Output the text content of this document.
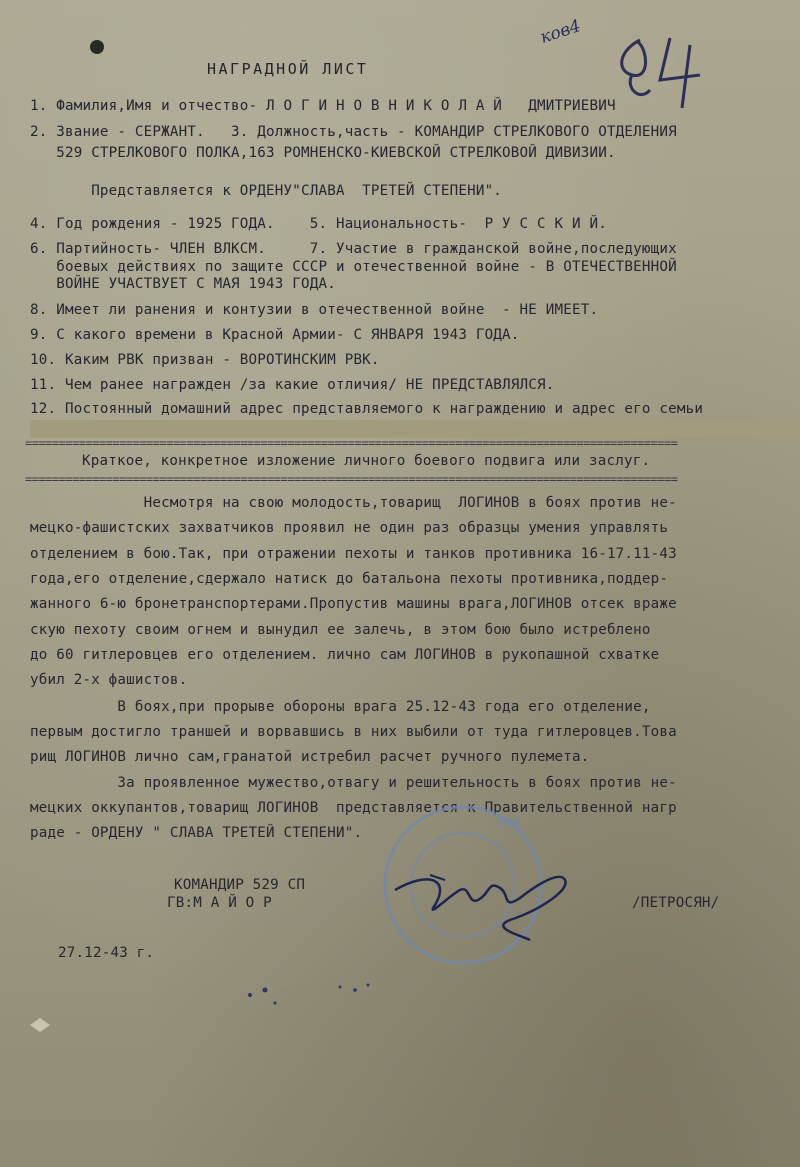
ков4
НАГРАДНОЙ ЛИСТ
1. Фамилия,Имя и отчество- Л О Г И Н О В Н И К О Л А Й   ДМИТРИЕВИЧ
2. Звание - СЕРЖАНТ.   3. Должность,часть - КОМАНДИР СТРЕЛКОВОГО ОТДЕЛЕНИЯ
529 СТРЕЛКОВОГО ПОЛКА,163 РОМНЕНСКО-КИЕВСКОЙ СТРЕЛКОВОЙ ДИВИЗИИ.
Представляется к ОРДЕНУ"СЛАВА  ТРЕТЕЙ СТЕПЕНИ".
4. Год рождения - 1925 ГОДА.    5. Национальность-  Р У С С К И Й.
6. Партийность- ЧЛЕН ВЛКСМ.     7. Участие в гражданской войне,последующих
боевых действиях по защите СССР и отечественной войне - В ОТЕЧЕСТВЕННОЙ
ВОЙНЕ УЧАСТВУЕТ С МАЯ 1943 ГОДА.
8. Имеет ли ранения и контузии в отечественной войне  - НЕ ИМЕЕТ.
9. С какого времени в Красной Армии- С ЯНВАРЯ 1943 ГОДА.
10. Каким РВК призван - ВОРОТИНСКИМ РВК.
11. Чем ранее награжден /за какие отличия/ НЕ ПРЕДСТАВЛЯЛСЯ.
12. Постоянный домашний адрес представляемого к награждению и адрес его семьи
=================================================================================================
Краткое, конкретное изложение личного боевого подвига или заслуг.
=================================================================================================
Несмотря на свою молодость,товарищ  ЛОГИНОВ в боях против не-
мецко-фашистских захватчиков проявил не один раз образцы умения управлять
отделением в бою.Так, при отражении пехоты и танков противника 16-17.11-43
года,его отделение,сдержало натиск до батальона пехоты противника,поддер-
жанного 6-ю бронетранспортерами.Пропустив машины врага,ЛОГИНОВ отсек враже
скую пехоту своим огнем и вынудил ее залечь, в этом бою было истреблено
до 60 гитлеровцев его отделением. лично сам ЛОГИНОВ в рукопашной схватке
убил 2-х фашистов.
В боях,при прорыве обороны врага 25.12-43 года его отделение,
первым достигло траншей и ворвавшись в них выбили от туда гитлеровцев.Това
рищ ЛОГИНОВ лично сам,гранатой истребил расчет ручного пулемета.
За проявленное мужество,отвагу и решительность в боях против не-
мецких оккупантов,товарищ ЛОГИНОВ  представляется к Правительственной нагр
раде - ОРДЕНУ " СЛАВА ТРЕТЕЙ СТЕПЕНИ".
529
КОМАНДИР 529 СП
ГВ:М А Й О Р	/ПЕТРОСЯН/
27.12-43 г.
